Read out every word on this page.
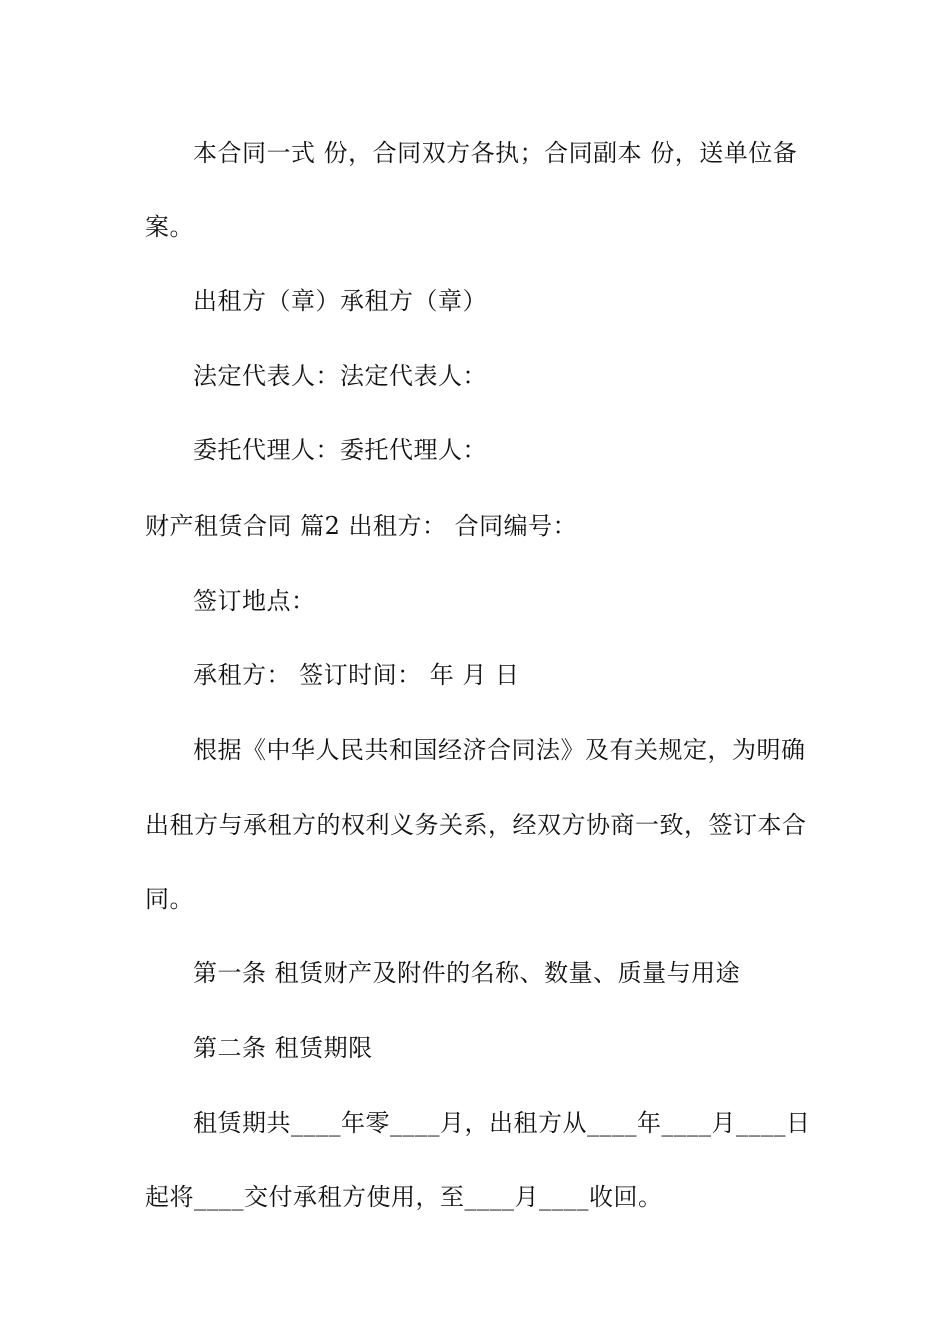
本合同一式 份，合同双方各执；合同副本 份，送单位备
案。
出租方（章）承租方（章）
法定代表人：法定代表人：
委托代理人：委托代理人：
财产租赁合同 篇2 出租方： 合同编号：
签订地点：
承租方： 签订时间： 年 月 日
根据《中华人民共和国经济合同法》及有关规定，为明确
出租方与承租方的权利义务关系，经双方协商一致，签订本合
同。
第一条 租赁财产及附件的名称、数量、质量与用途
第二条 租赁期限
租赁期共____年零____月，出租方从____年____月____日
起将____交付承租方使用，至____月____收回。
